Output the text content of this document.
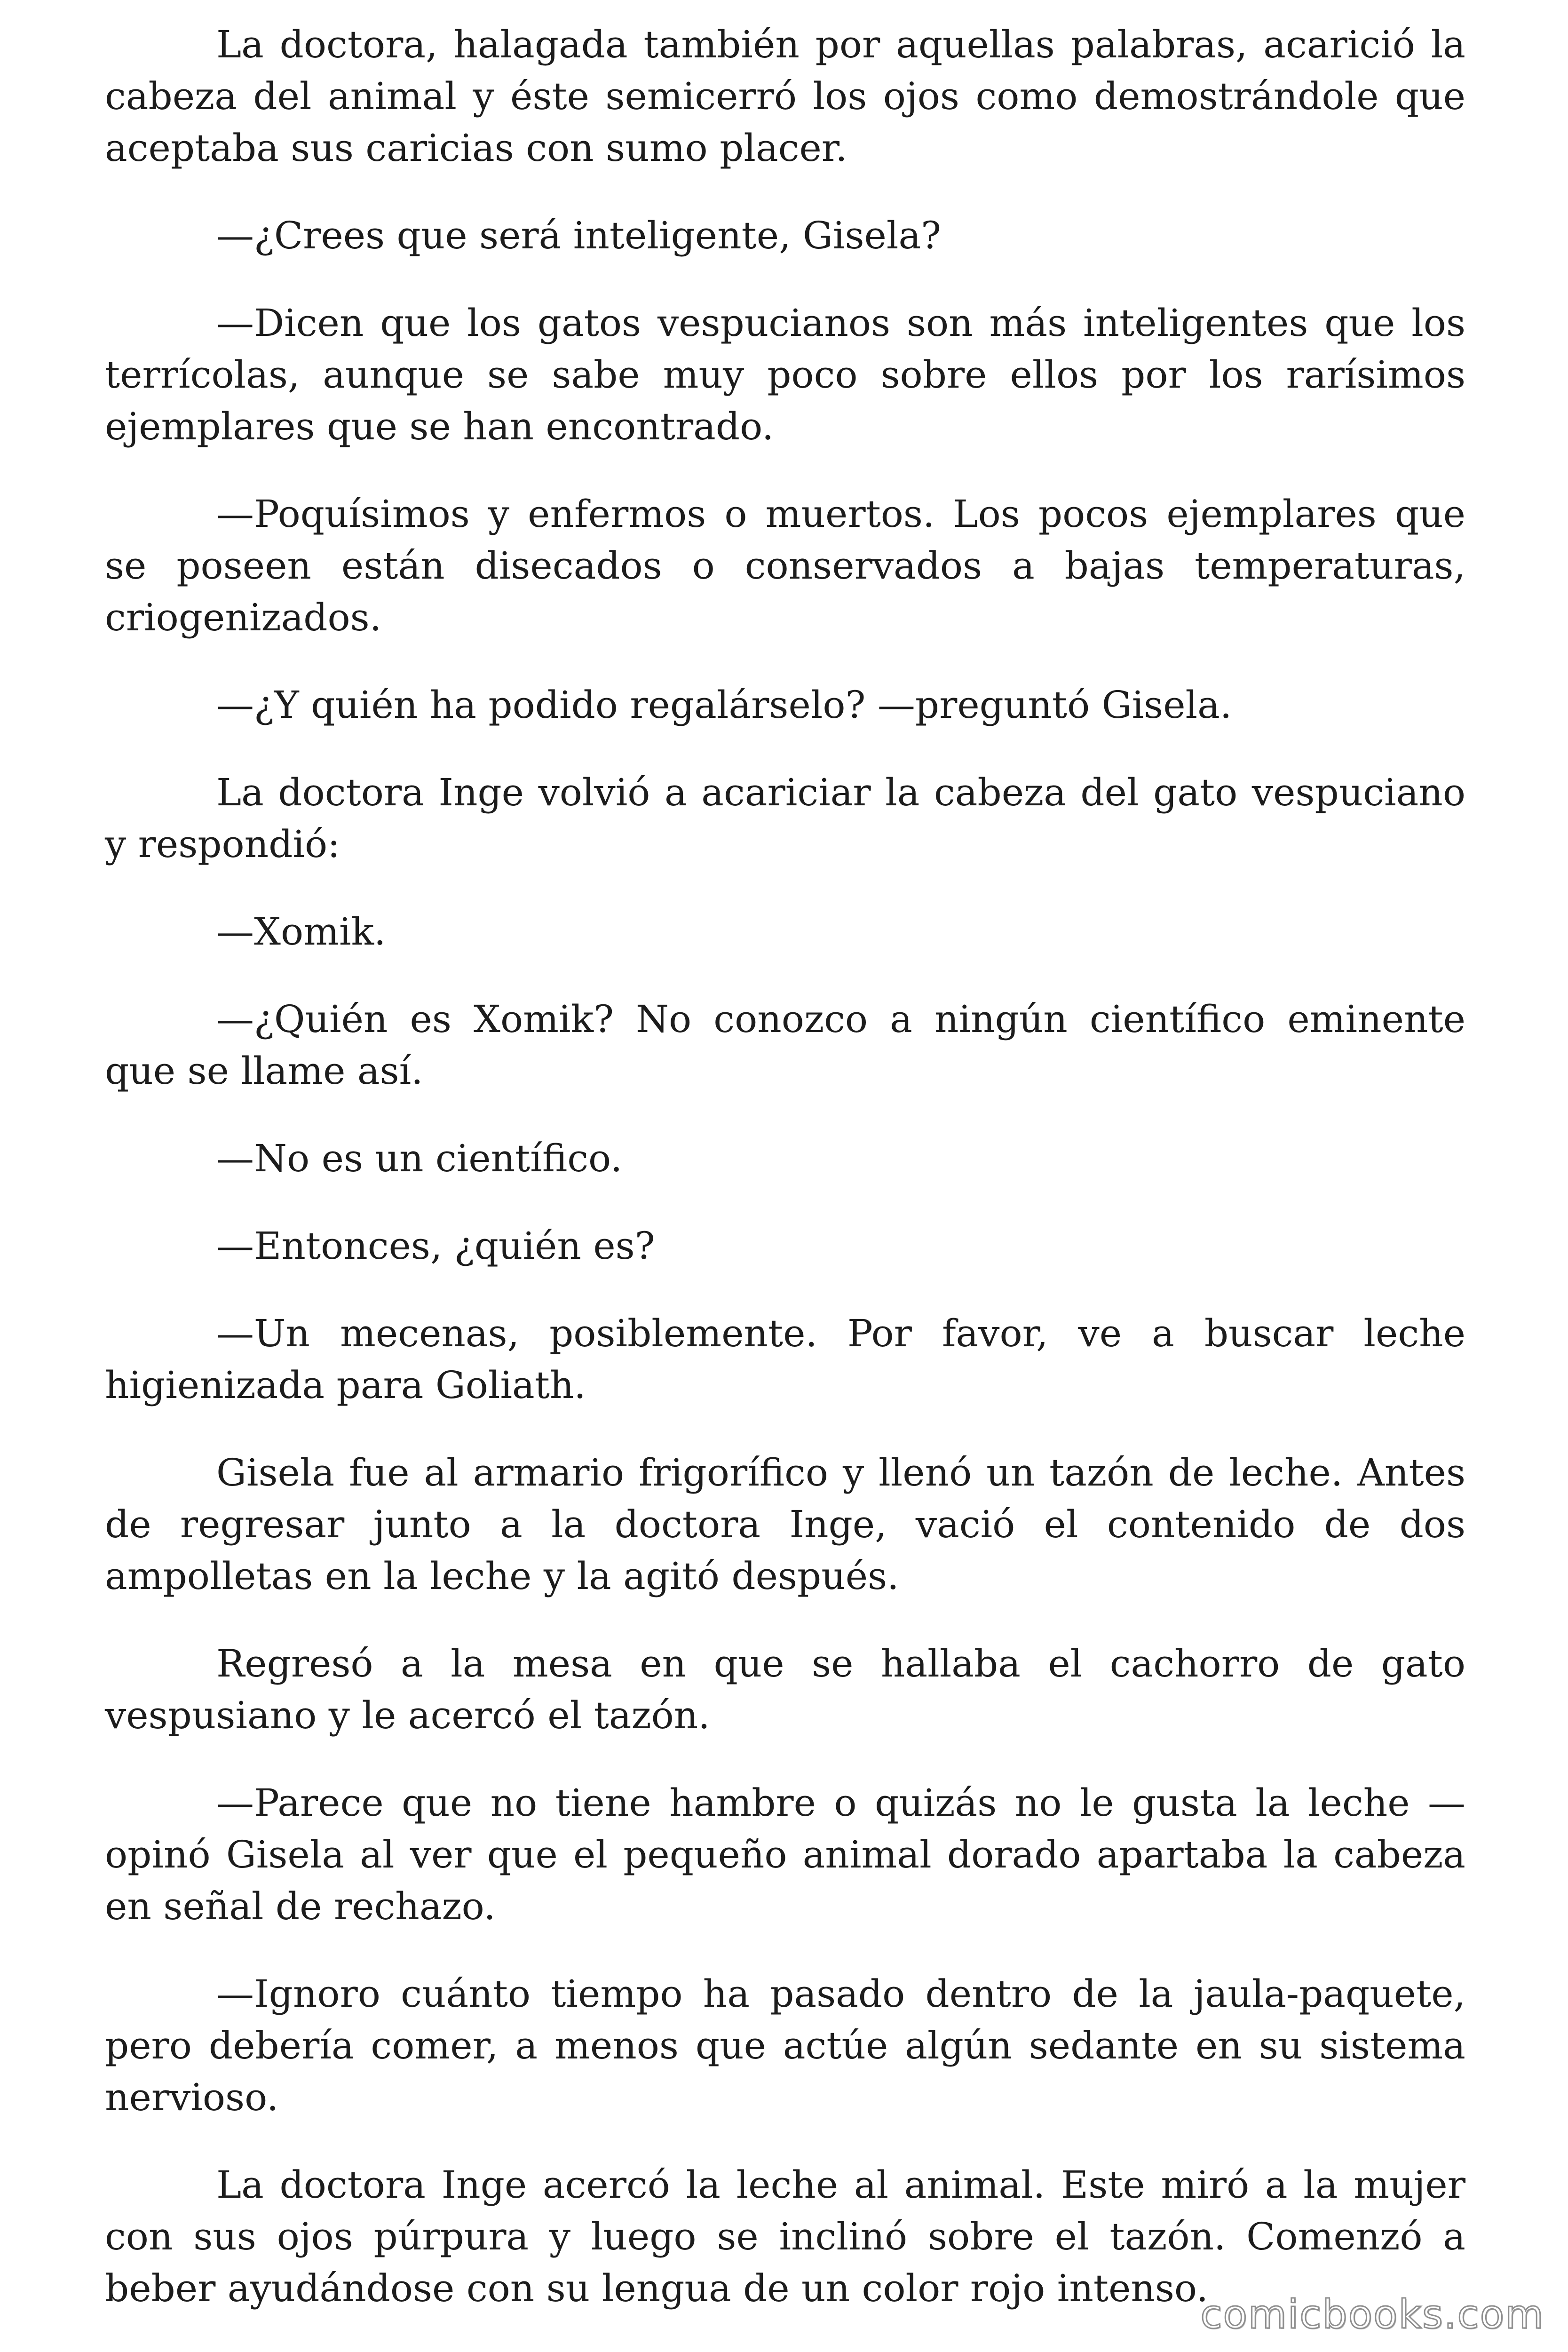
La doctora, halagada también por aquellas palabras, acarició la cabeza del animal y éste semicerró los ojos como demostrándole que aceptaba sus caricias con sumo placer.

—¿Crees que será inteligente, Gisela?

—Dicen que los gatos vespucianos son más inteligentes que los terrícolas, aunque se sabe muy poco sobre ellos por los rarísimos ejemplares que se han encontrado.

—Poquísimos y enfermos o muertos. Los pocos ejemplares que se poseen están disecados o conservados a bajas temperaturas, criogenizados.

—¿Y quién ha podido regalárselo? —preguntó Gisela.

La doctora Inge volvió a acariciar la cabeza del gato vespuciano y respondió:

—Xomik.

—¿Quién es Xomik? No conozco a ningún científico eminente que se llame así.

—No es un científico.

—Entonces, ¿quién es?

—Un mecenas, posiblemente. Por favor, ve a buscar leche higienizada para Goliath.

Gisela fue al armario frigorífico y llenó un tazón de leche. Antes de regresar junto a la doctora Inge, vació el contenido de dos ampolletas en la leche y la agitó después.

Regresó a la mesa en que se hallaba el cachorro de gato vespusiano y le acercó el tazón.

—Parece que no tiene hambre o quizás no le gusta la leche — opinó Gisela al ver que el pequeño animal dorado apartaba la cabeza en señal de rechazo.

—Ignoro cuánto tiempo ha pasado dentro de la jaula-paquete, pero debería comer, a menos que actúe algún sedante en su sistema nervioso.

La doctora Inge acercó la leche al animal. Este miró a la mujer con sus ojos púrpura y luego se inclinó sobre el tazón. Comenzó a beber ayudándose con su lengua de un color rojo intenso.

comicbooks.com
